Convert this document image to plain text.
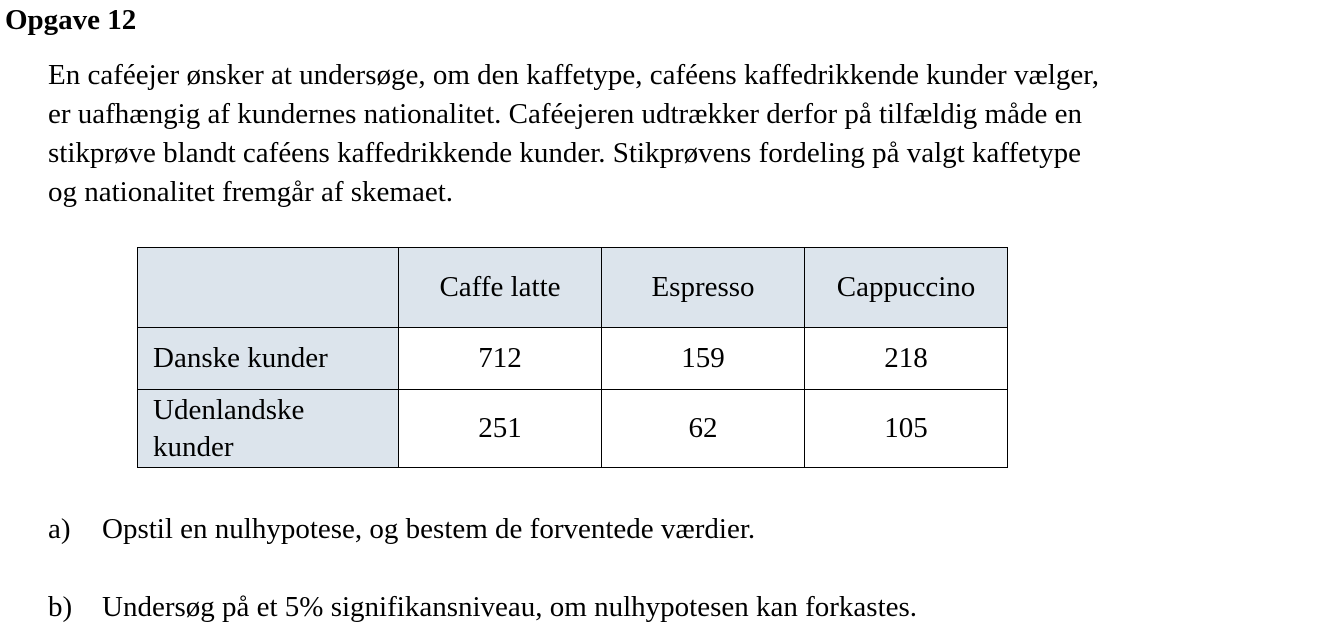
Opgave 12

En caféejer ønsker at undersøge, om den kaffetype, caféens kaffedrikkende kunder vælger,
er uafhængig af kundernes nationalitet. Caféejeren udtrækker derfor på tilfældig måde en
stikprøve blandt caféens kaffedrikkende kunder. Stikprøvens fordeling på valgt kaffetype
og nationalitet fremgår af skemaet.

	Caffe latte	Espresso	Cappuccino
Danske kunder	712	159	218
Udenlandske
kunder	251	62	105

a) Opstil en nulhypotese, og bestem de forventede værdier.

b) Undersøg på et 5% signifikansniveau, om nulhypotesen kan forkastes.
